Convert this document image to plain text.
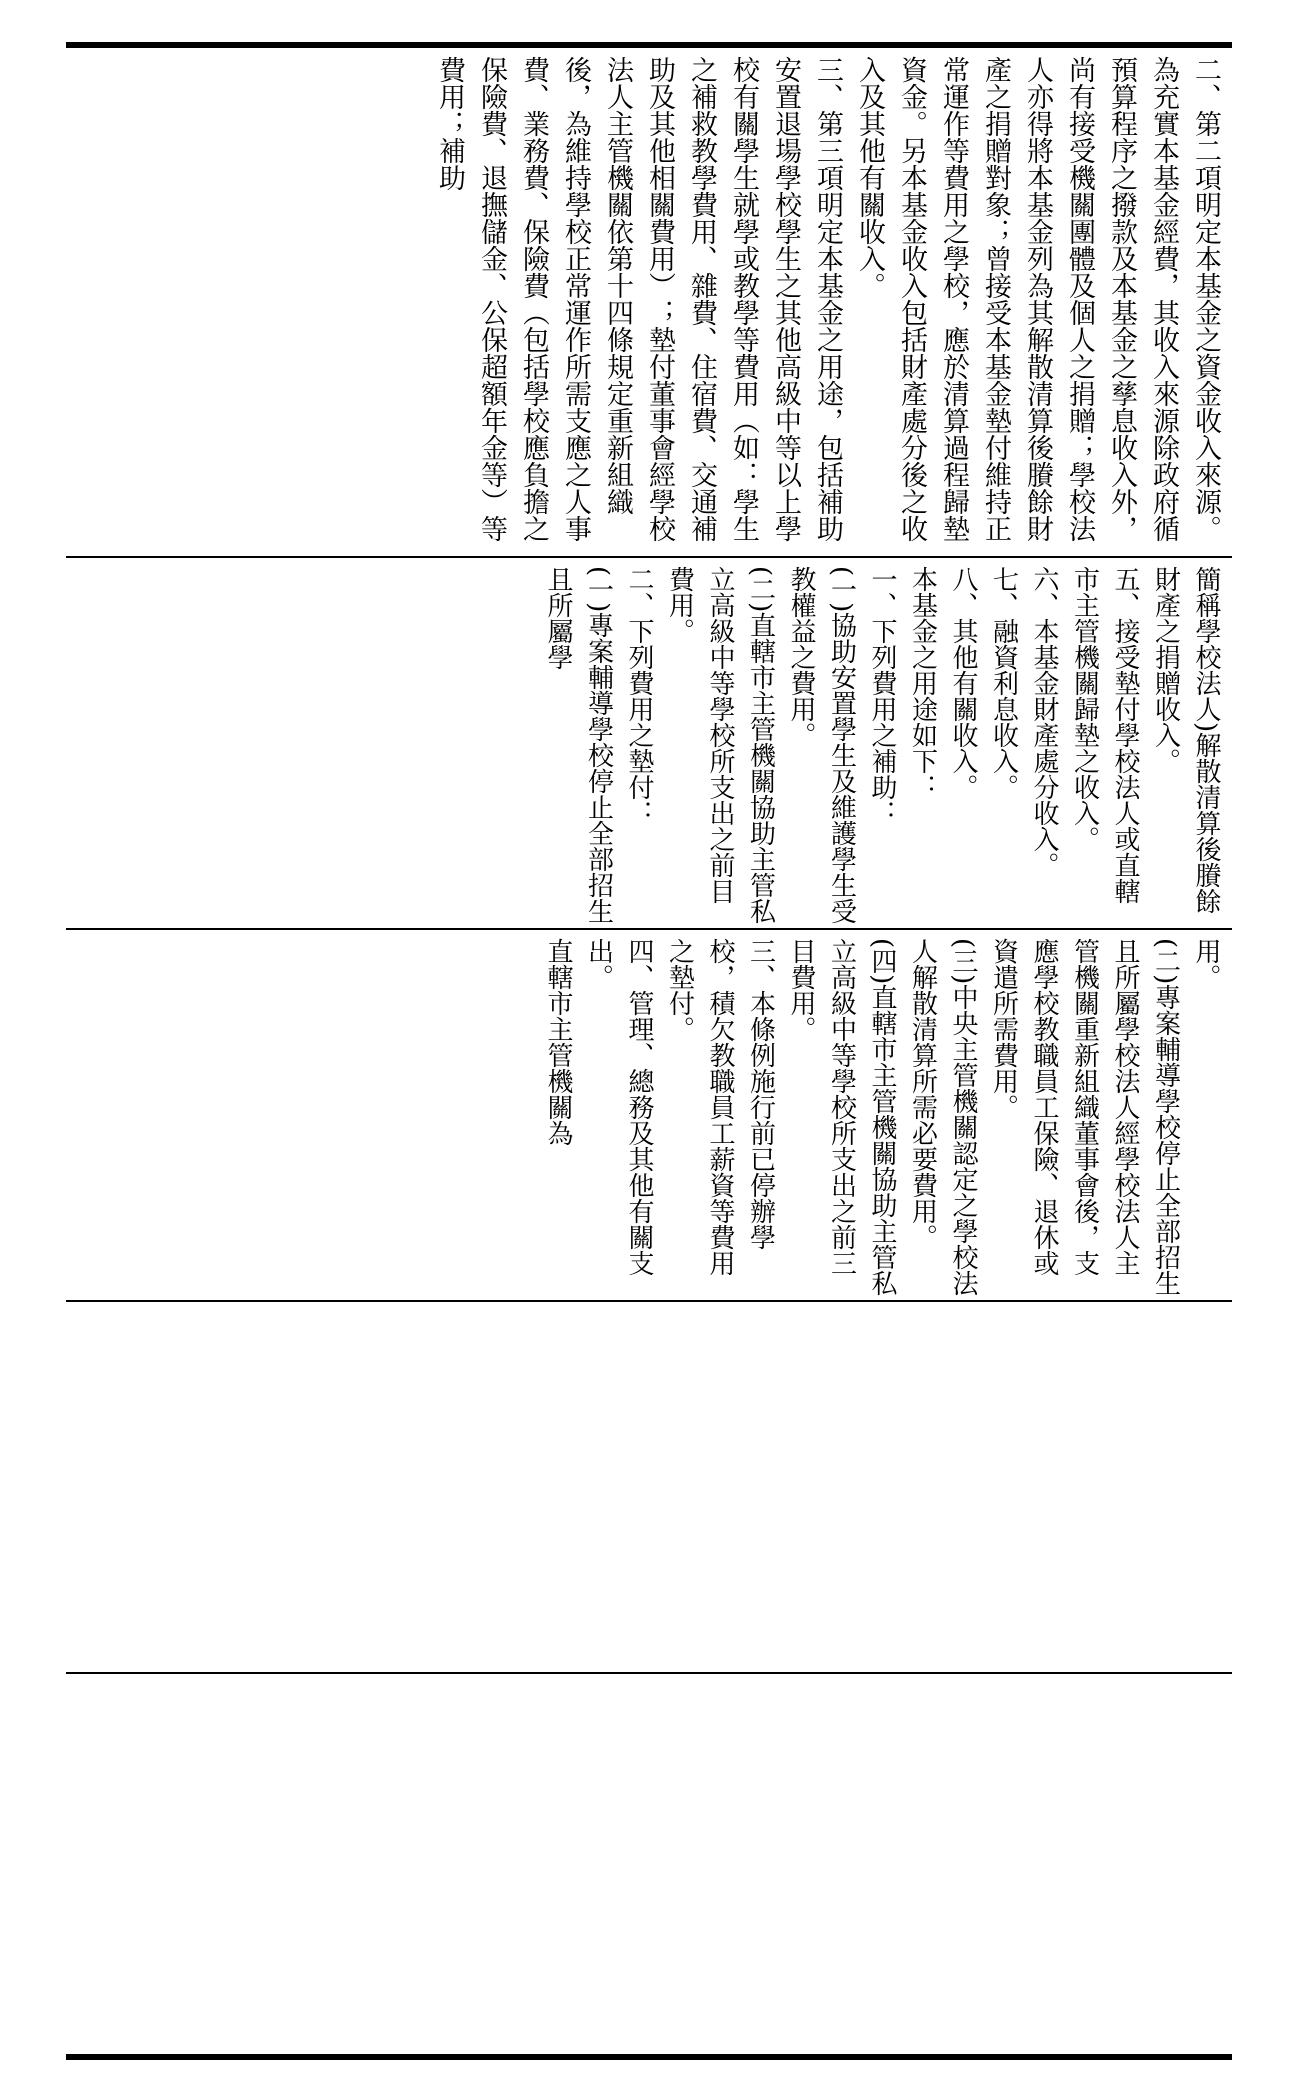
二、第二項明定本基金之資金收入來源。為充實本基金經費，其收入來源除政府循預算程序之撥款及本基金之孳息收入外，尚有接受機關團體及個人之捐贈；學校法人亦得將本基金列為其解散清算後賸餘財產之捐贈對象；曾接受本基金墊付維持正常運作等費用之學校，應於清算過程歸墊資金。另本基金收入包括財產處分後之收入及其他有關收入。
三、第三項明定本基金之用途，包括補助安置退場學校學生之其他高級中等以上學校有關學生就學或教學等費用（如：學生之補救教學費用、雜費、住宿費、交通補助及其他相關費用）；墊付董事會經學校法人主管機關依第十四條規定重新組織後，為維持學校正常運作所需支應之人事費、業務費、保險費（包括學校應負擔之保險費、退撫儲金、公保超額年金等）等費用；補助
簡稱學校法人)解散清算後賸餘財產之捐贈收入。
五、接受墊付學校法人或直轄市主管機關歸墊之收入。
六、本基金財產處分收入。
七、融資利息收入。
八、其他有關收入。
本基金之用途如下：
一、下列費用之補助：
(一)協助安置學生及維護學生受教權益之費用。
(二)直轄市主管機關協助主管私立高級中等學校所支出之前目費用。
二、下列費用之墊付：
(一)專案輔導學校停止全部招生且所屬學
用。
(二)專案輔導學校停止全部招生且所屬學校法人經學校法人主管機關重新組織董事會後，支應學校教職員工保險、退休或資遣所需費用。
(三)中央主管機關認定之學校法人解散清算所需必要費用。
(四)直轄市主管機關協助主管私立高級中等學校所支出之前三目費用。
三、本條例施行前已停辦學校，積欠教職員工薪資等費用之墊付。
四、管理、總務及其他有關支出。
直轄市主管機關為
